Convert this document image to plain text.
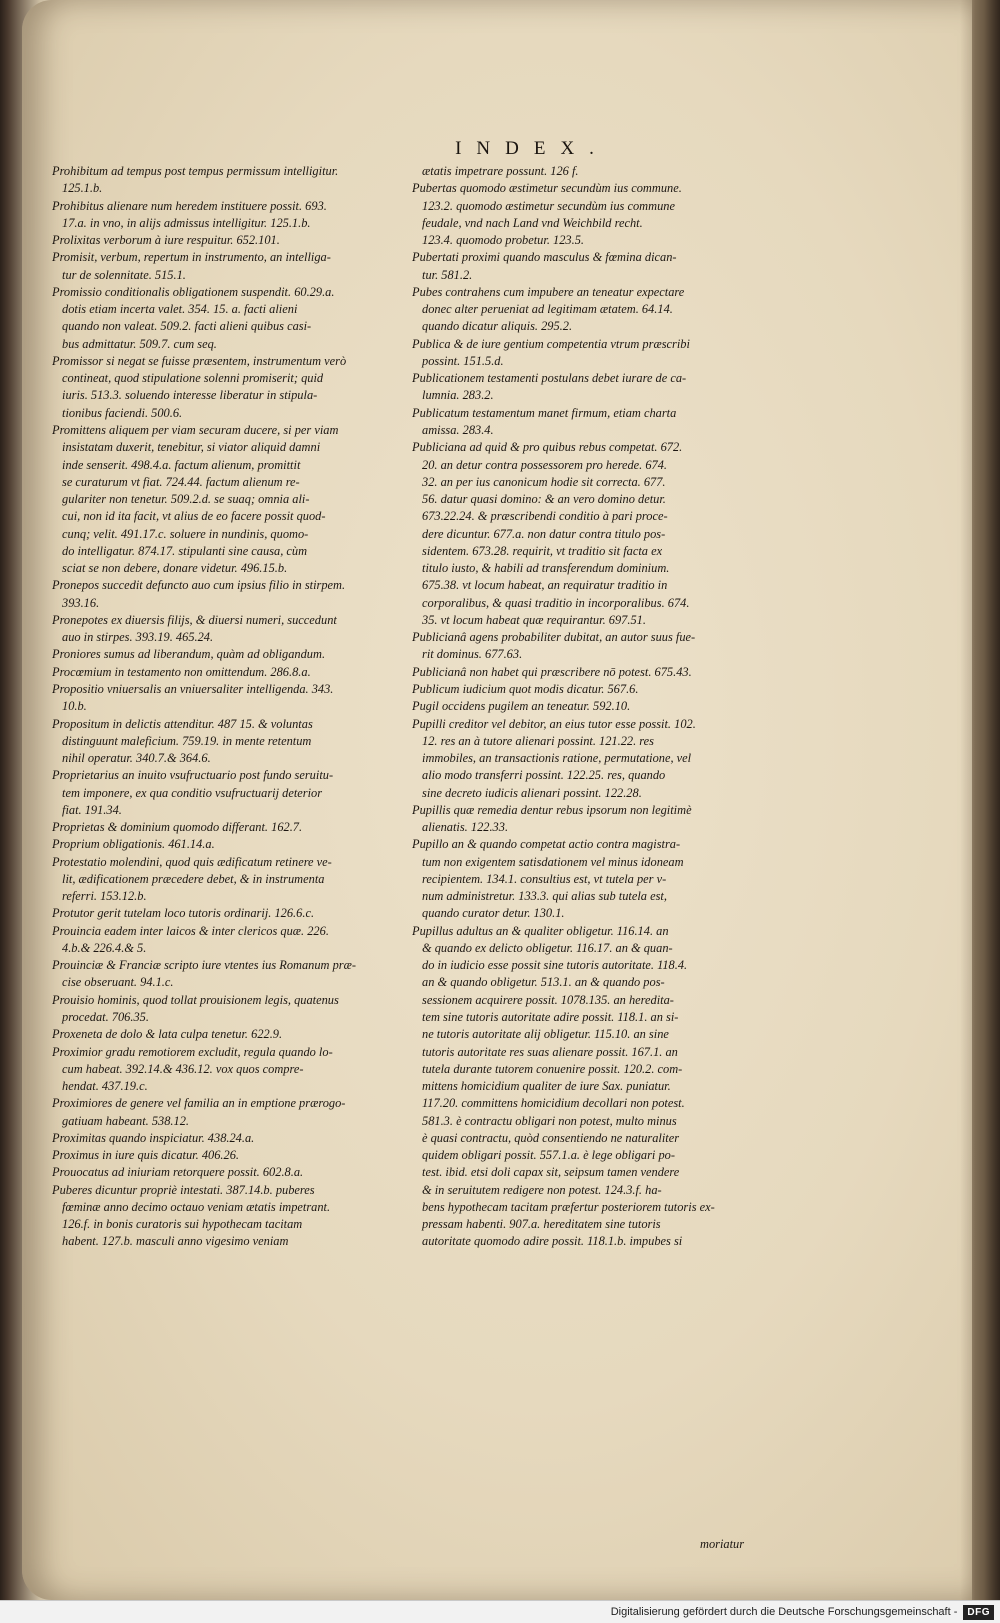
INDEX.
Prohibitum ad tempus post tempus permissum intelligitur.
125.1.b.
Prohibitus alienare num heredem instituere possit. 693.
17.a. in vno, in alijs admissus intelligitur. 125.1.b.
Prolixitas verborum à iure respuitur. 652.101.
Promisit, verbum, repertum in instrumento, an intelliga-
tur de solennitate. 515.1.
Promissio conditionalis obligationem suspendit. 60.29.a.
dotis etiam incerta valet. 354. 15. a. facti alieni
quando non valeat. 509.2. facti alieni quibus casi-
bus admittatur. 509.7. cum seq.
Promissor si negat se fuisse præsentem, instrumentum verò
contineat, quod stipulatione solenni promiserit; quid
iuris. 513.3. soluendo interesse liberatur in stipula-
tionibus faciendi. 500.6.
Promittens aliquem per viam securam ducere, si per viam
insistatam duxerit, tenebitur, si viator aliquid damni
inde senserit. 498.4.a. factum alienum, promittit
se curaturum vt fiat. 724.44. factum alienum re-
gulariter non tenetur. 509.2.d. se suaq; omnia ali-
cui, non id ita facit, vt alius de eo facere possit quod-
cunq; velit. 491.17.c. soluere in nundinis, quomo-
do intelligatur. 874.17. stipulanti sine causa, cùm
sciat se non debere, donare videtur. 496.15.b.
Pronepos succedit defuncto auo cum ipsius filio in stirpem.
393.16.
Pronepotes ex diuersis filijs, & diuersi numeri, succedunt
auo in stirpes. 393.19. 465.24.
Proniores sumus ad liberandum, quàm ad obligandum.
Procœmium in testamento non omittendum. 286.8.a.
Propositio vniuersalis an vniuersaliter intelligenda. 343.
10.b.
Propositum in delictis attenditur. 487 15. & voluntas
distinguunt maleficium. 759.19. in mente retentum
nihil operatur. 340.7.& 364.6.
Proprietarius an inuito vsufructuario post fundo seruitu-
tem imponere, ex qua conditio vsufructuarij deterior
fiat. 191.34.
Proprietas & dominium quomodo differant. 162.7.
Proprium obligationis. 461.14.a.
Protestatio molendini, quod quis ædificatum retinere ve-
lit, ædificationem præcedere debet, & in instrumenta
referri. 153.12.b.
Protutor gerit tutelam loco tutoris ordinarij. 126.6.c.
Prouincia eadem inter laicos & inter clericos quæ. 226.
4.b.& 226.4.& 5.
Prouinciæ & Franciæ scripto iure vtentes ius Romanum præ-
cise obseruant. 94.1.c.
Prouisio hominis, quod tollat prouisionem legis, quatenus
procedat. 706.35.
Proxeneta de dolo & lata culpa tenetur. 622.9.
Proximior gradu remotiorem excludit, regula quando lo-
cum habeat. 392.14.& 436.12. vox quos compre-
hendat. 437.19.c.
Proximiores de genere vel familia an in emptione prærogo-
gatiuam habeant. 538.12.
Proximitas quando inspiciatur. 438.24.a.
Proximus in iure quis dicatur. 406.26.
Prouocatus ad iniuriam retorquere possit. 602.8.a.
Puberes dicuntur propriè intestati. 387.14.b. puberes
fœminæ anno decimo octauo veniam ætatis impetrant.
126.f. in bonis curatoris sui hypothecam tacitam
habent. 127.b. masculi anno vigesimo veniam
ætatis impetrare possunt. 126 f.
Pubertas quomodo æstimetur secundùm ius commune.
123.2. quomodo æstimetur secundùm ius commune
feudale, vnd nach Land vnd Weichbild recht.
123.4. quomodo probetur. 123.5.
Pubertati proximi quando masculus & fœmina dican-
tur. 581.2.
Pubes contrahens cum impubere an teneatur expectare
donec alter perueniat ad legitimam ætatem. 64.14.
quando dicatur aliquis. 295.2.
Publica & de iure gentium competentia vtrum præscribi
possint. 151.5.d.
Publicationem testamenti postulans debet iurare de ca-
lumnia. 283.2.
Publicatum testamentum manet firmum, etiam charta
amissa. 283.4.
Publiciana ad quid & pro quibus rebus competat. 672.
20. an detur contra possessorem pro herede. 674.
32. an per ius canonicum hodie sit correcta. 677.
56. datur quasi domino: & an vero domino detur.
673.22.24. & præscribendi conditio à pari proce-
dere dicuntur. 677.a. non datur contra titulo pos-
sidentem. 673.28. requirit, vt traditio sit facta ex
titulo iusto, & habili ad transferendum dominium.
675.38. vt locum habeat, an requiratur traditio in
corporalibus, & quasi traditio in incorporalibus. 674.
35. vt locum habeat quæ requirantur. 697.51.
Publicianâ agens probabiliter dubitat, an autor suus fue-
rit dominus. 677.63.
Publicianâ non habet qui præscribere nō potest. 675.43.
Publicum iudicium quot modis dicatur. 567.6.
Pugil occidens pugilem an teneatur. 592.10.
Pupilli creditor vel debitor, an eius tutor esse possit. 102.
12. res an à tutore alienari possint. 121.22. res
immobiles, an transactionis ratione, permutatione, vel
alio modo transferri possint. 122.25. res, quando
sine decreto iudicis alienari possint. 122.28.
Pupillis quæ remedia dentur rebus ipsorum non legitimè
alienatis. 122.33.
Pupillo an & quando competat actio contra magistra-
tum non exigentem satisdationem vel minus idoneam
recipientem. 134.1. consultius est, vt tutela per v-
num administretur. 133.3. qui alias sub tutela est,
quando curator detur. 130.1.
Pupillus adultus an & qualiter obligetur. 116.14. an
& quando ex delicto obligetur. 116.17. an & quan-
do in iudicio esse possit sine tutoris autoritate. 118.4.
an & quando obligetur. 513.1. an & quando pos-
sessionem acquirere possit. 1078.135. an hereditа-
tem sine tutoris autoritate adire possit. 118.1. an si-
ne tutoris autoritate alij obligetur. 115.10. an sine
tutoris autoritate res suas alienare possit. 167.1. an
tutela durante tutorem conuenire possit. 120.2. com-
mittens homicidium qualiter de iure Sax. puniatur.
117.20. committens homicidium decollari non potest.
581.3. è contractu obligari non potest, multo minus
è quasi contractu, quòd consentiendo ne naturaliter
quidem obligari possit. 557.1.a. è lege obligari po-
test. ibid. etsi doli capax sit, seipsum tamen vendere
& in seruitutem redigere non potest. 124.3.f. ha-
bens hypothecam tacitam præfertur posteriorem tutoris ex-
pressam habenti. 907.a. hereditatem sine tutoris
autoritate quomodo adire possit. 118.1.b. impubes si
moriatur
Digitalisierung gefördert durch die Deutsche Forschungsgemeinschaft -	DFG
